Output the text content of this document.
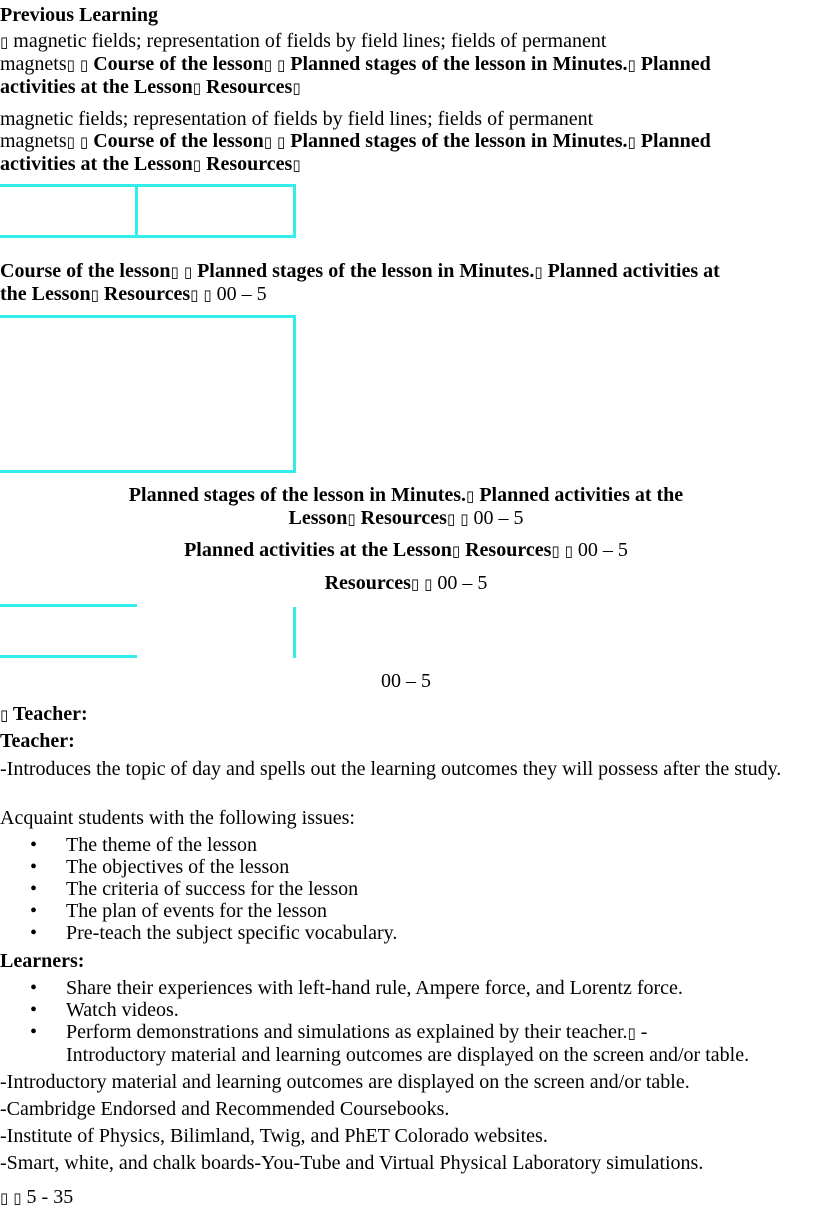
Previous Learning

▯ magnetic fields; representation of fields by field lines; fields of permanent
magnets▯ ▯ Course of the lesson▯ ▯ Planned stages of the lesson in Minutes.▯ Planned
activities at the Lesson▯ Resources▯

magnetic fields; representation of fields by field lines; fields of permanent
magnets▯ ▯ Course of the lesson▯ ▯ Planned stages of the lesson in Minutes.▯ Planned
activities at the Lesson▯ Resources▯

Course of the lesson▯ ▯ Planned stages of the lesson in Minutes.▯ Planned activities at
the Lesson▯ Resources▯ ▯ 00 – 5

Planned stages of the lesson in Minutes.▯ Planned activities at the
Lesson▯ Resources▯ ▯ 00 – 5

Planned activities at the Lesson▯ Resources▯ ▯ 00 – 5

Resources▯ ▯ 00 – 5

00 – 5

▯ Teacher:

Teacher:

-Introduces the topic of day and spells out the learning outcomes they will possess after the study.

Acquaint students with the following issues:

• The theme of the lesson
• The objectives of the lesson
• The criteria of success for the lesson
• The plan of events for the lesson
• Pre-teach the subject specific vocabulary.

Learners:

• Share their experiences with left-hand rule, Ampere force, and Lorentz force.
• Watch videos.
• Perform demonstrations and simulations as explained by their teacher.▯ -
Introductory material and learning outcomes are displayed on the screen and/or table.

-Introductory material and learning outcomes are displayed on the screen and/or table.

-Cambridge Endorsed and Recommended Coursebooks.

-Institute of Physics, Bilimland, Twig, and PhET Colorado websites.

-Smart, white, and chalk boards-You-Tube and Virtual Physical Laboratory simulations.

▯ ▯ 5 - 35
